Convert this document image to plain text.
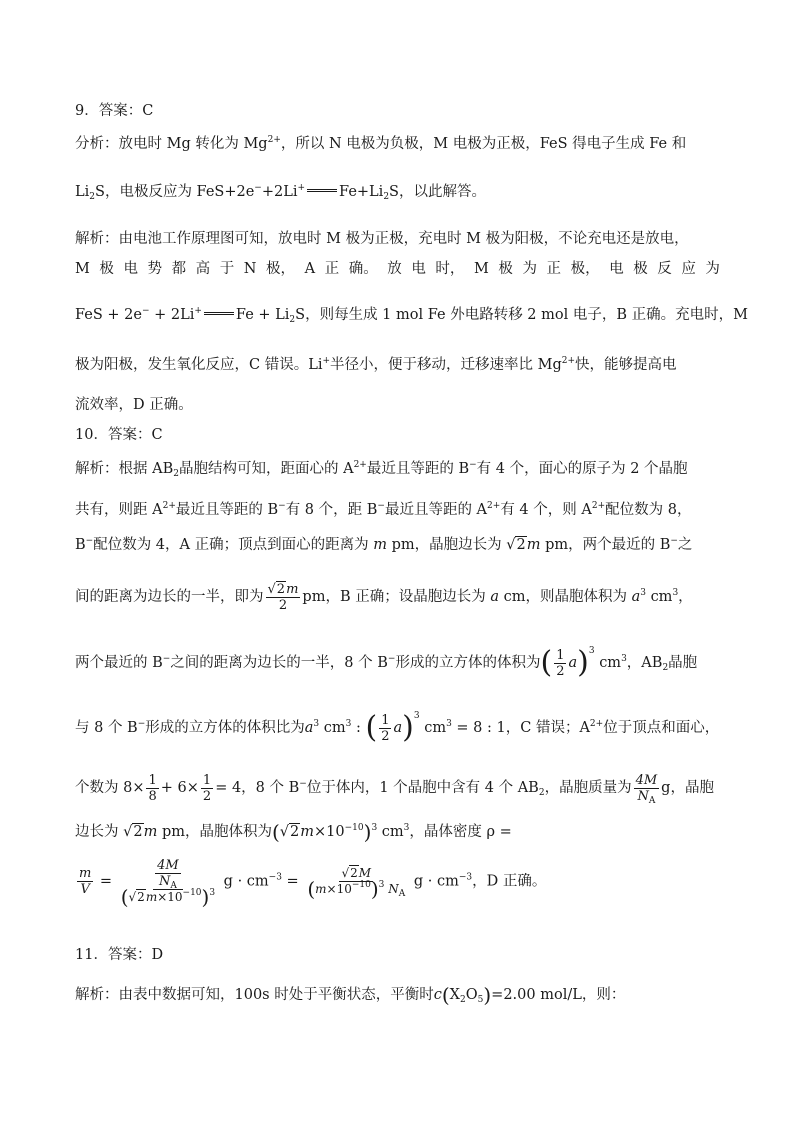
9．答案：C
分析：放电时 Mg 转化为 $Mg^{2+}$，所以 N 电极为负极，M 电极为正极，FeS 得电子生成 Fe 和
$Li_2S$，电极反应为 FeS+2e−+2Li+ $Fe+Li_2S$，以此解答。
解析：由电池工作原理图可知，放电时 M 极为正极，充电时 M 极为阳极，不论充电还是放电，
M 极 电 势 都 高 于 N 极， A 正 确。 放 电 时， M 极 为 正 极， 电 极 反 应 为
FeS + 2e− + 2Li+ $Fe + Li_2S$，则每生成 1 mol Fe 外电路转移 2 mol 电子，B 正确。充电时，M
极为阳极，发生氧化反应，C 错误。Li+半径小，便于移动，迁移速率比 $Mg^{2+}$快，能够提高电
流效率，D 正确。
10．答案：C
解析：根据 $AB_2$晶胞结构可知，距面心的 $A^{2+}$最近且等距的 B−有 4 个，面心的原子为 2 个晶胞
共有，则距 $A^{2+}$最近且等距的 B−有 8 个，距 B−最近且等距的 $A^{2+}$有 4 个，则 $A^{2+}$配位数为 8，
B−配位数为 4，A 正确；顶点到面心的距离为 m pm，晶胞边长为 √2m pm，两个最近的 B−之
间的距离为边长的一半，即为 $\frac{√2m}{2}$ pm，B 正确；设晶胞边长为 a cm，则晶胞体积为 $a^3$ $cm^3$，
两个最近的 B−之间的距离为边长的一半，8 个 B−形成的立方体的体积为( $\frac{1}{2} a)^3$ $cm^3$，$AB_2$晶胞
与 8 个 B−形成的立方体的体积比为$a^3$ $cm^3$ : ( $\frac{1}{2} a)^3$ $cm^3 = 8$ : 1，C 错误；$A^{2+}$位于顶点和面心，
个数为 $8\times \frac{1}{8} + 6\times \frac{1}{2} = 4$，8 个 B−位于体内，1 个晶胞中含有 4 个 $AB_2$，晶胞质量为 $\frac{4M}{N_A}$ g，晶胞
边长为 √2m pm，晶胞体积为$(√2m\times 10^{-10})^3$ $cm^3$，晶体密度 ρ =
$\frac{m}{V} = \frac{\frac{4M}{N_A}}{(√2m\times 10^{-10})^3}$ $g \cdot cm^{-3} = \frac{√2M}{(m\times 10^{-10})^3 N_A}$ $g \cdot cm^{-3}$，D 正确。
11．答案：D
解析：由表中数据可知，100s 时处于平衡状态，平衡时$c(X_2O_5)=2.00$ mol/L，则：
